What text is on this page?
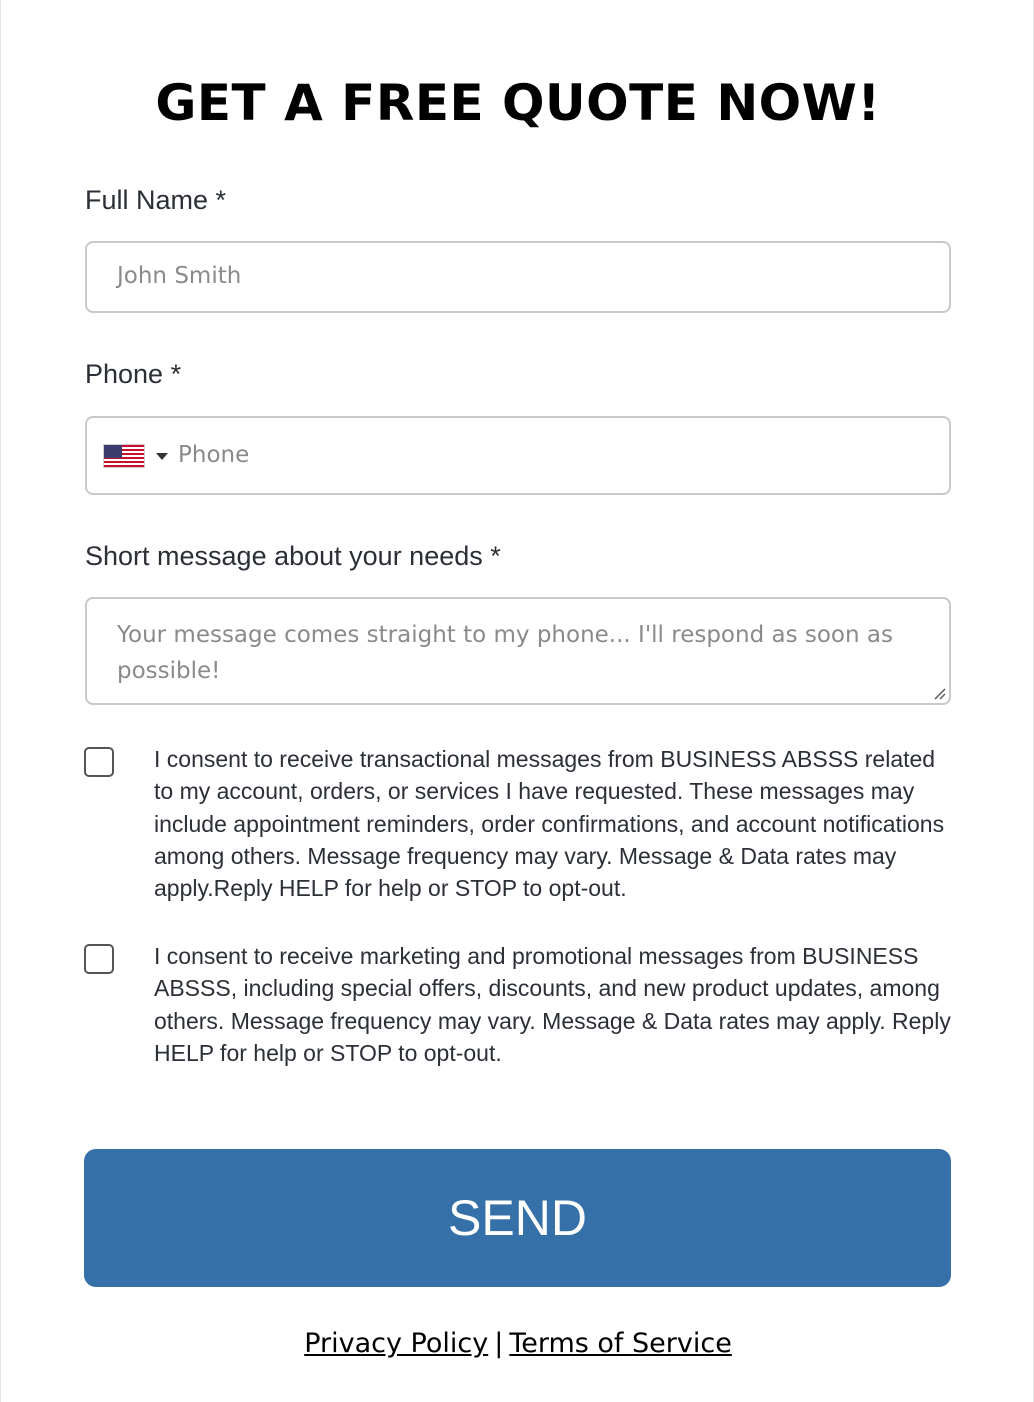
GET A FREE QUOTE NOW!
Full Name *
John Smith
Phone *
Phone
Short message about your needs *
Your message comes straight to my phone... I'll respond as soon as possible!

I consent to receive transactional messages from BUSINESS ABSSS related to my account, orders, or services I have requested. These messages may include appointment reminders, order confirmations, and account notifications among others. Message frequency may vary. Message & Data rates may apply.Reply HELP for help or STOP to opt-out.

I consent to receive marketing and promotional messages from BUSINESS ABSSS, including special offers, discounts, and new product updates, among others. Message frequency may vary. Message & Data rates may apply. Reply HELP for help or STOP to opt-out.

SEND
Privacy Policy | Terms of Service
